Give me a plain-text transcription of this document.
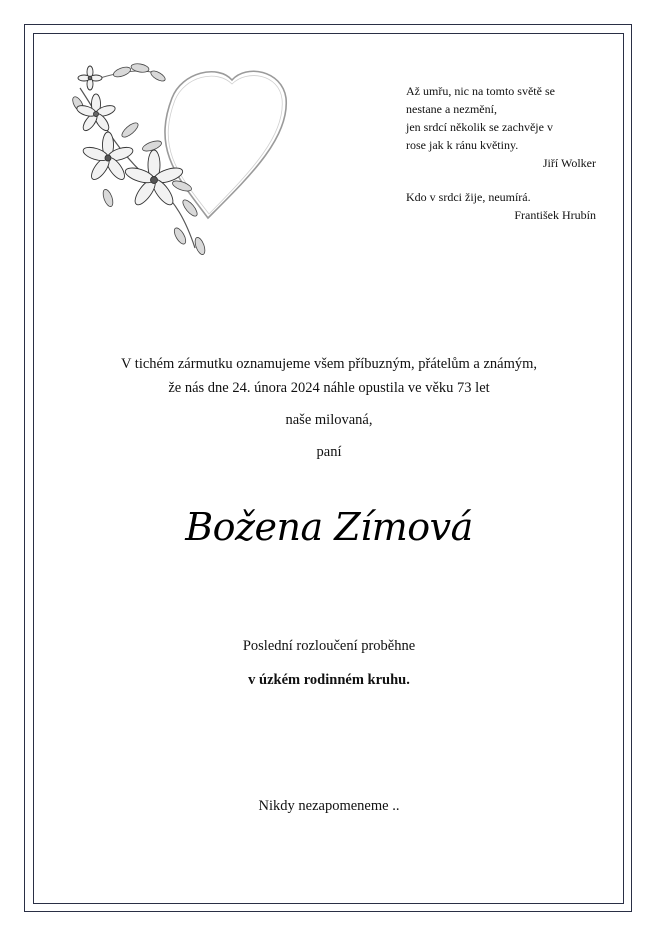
Až umřu, nic na tomto světě se
nestane a nezmění,
jen srdcí několik se zachvěje v
rose jak k ránu květiny.
Jiří Wolker
Kdo v srdci žije, neumírá.
František Hrubín
V tichém zármutku oznamujeme všem příbuzným, přátelům a známým,
že nás dne 24. února 2024 náhle opustila ve věku 73 let
naše milovaná,
paní
Božena Zímová
Poslední rozloučení proběhne
v úzkém rodinném kruhu.
Nikdy nezapomeneme ..
